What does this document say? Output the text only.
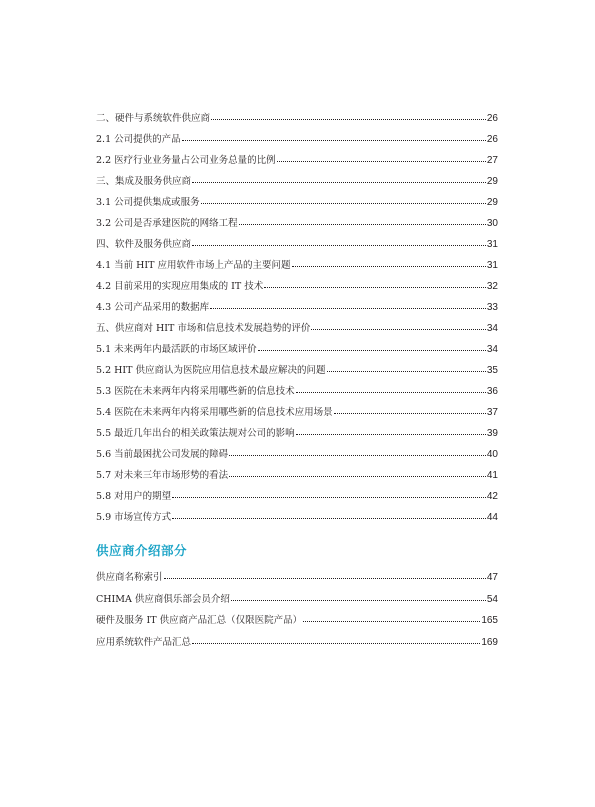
二、硬件与系统软件供应商	26
2.1 公司提供的产品	26
2.2 医疗行业业务量占公司业务总量的比例	27
三、集成及服务供应商	29
3.1 公司提供集成或服务	29
3.2 公司是否承建医院的网络工程	30
四、软件及服务供应商	31
4.1 当前 HIT 应用软件市场上产品的主要问题	31
4.2 目前采用的实现应用集成的 IT 技术	32
4.3 公司产品采用的数据库	33
五、供应商对 HIT 市场和信息技术发展趋势的评价	34
5.1 未来两年内最活跃的市场区域评价	34
5.2 HIT 供应商认为医院应用信息技术最应解决的问题	35
5.3 医院在未来两年内将采用哪些新的信息技术	36
5.4 医院在未来两年内将采用哪些新的信息技术应用场景	37
5.5 最近几年出台的相关政策法规对公司的影响	39
5.6 当前最困扰公司发展的障碍	40
5.7 对未来三年市场形势的看法	41
5.8 对用户的期望	42
5.9 市场宣传方式	44
供应商介绍部分
供应商名称索引	47
CHIMA 供应商俱乐部会员介绍	54
硬件及服务 IT 供应商产品汇总（仅限医院产品）	165
应用系统软件产品汇总	169
